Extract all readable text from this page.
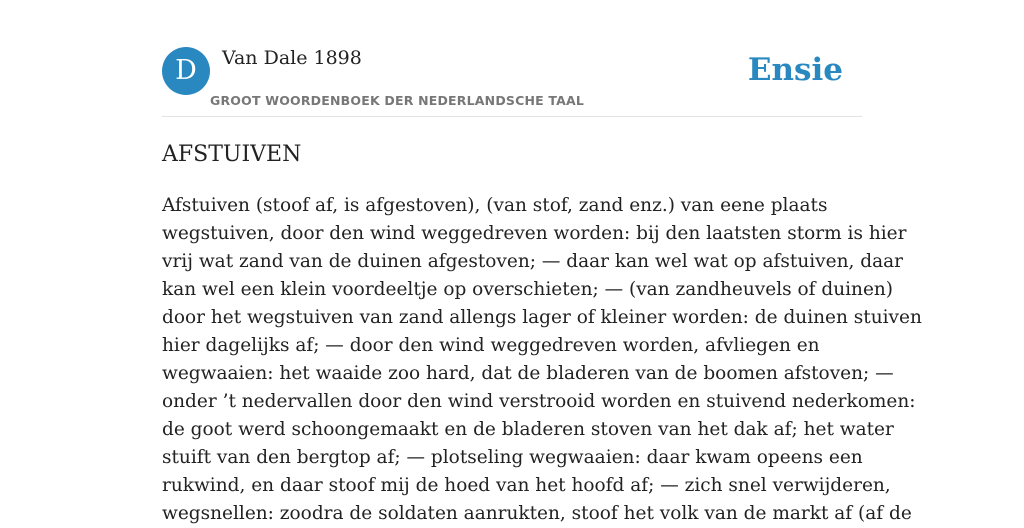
D	Van Dale 1898
GROOT WOORDENBOEK DER NEDERLANDSCHE TAAL
Ensie
AFSTUIVEN
Afstuiven (stoof af, is afgestoven), (van stof, zand enz.) van eene plaats
wegstuiven, door den wind weggedreven worden: bij den laatsten storm is hier
vrij wat zand van de duinen afgestoven; — daar kan wel wat op afstuiven, daar
kan wel een klein voordeeltje op overschieten; — (van zandheuvels of duinen)
door het wegstuiven van zand allengs lager of kleiner worden: de duinen stuiven
hier dagelijks af; — door den wind weggedreven worden, afvliegen en
wegwaaien: het waaide zoo hard, dat de bladeren van de boomen afstoven; —
onder ’t nedervallen door den wind verstrooid worden en stuivend nederkomen:
de goot werd schoongemaakt en de bladeren stoven van het dak af; het water
stuift van den bergtop af; — plotseling wegwaaien: daar kwam opeens een
rukwind, en daar stoof mij de hoed van het hoofd af; — zich snel verwijderen,
wegsnellen: zoodra de soldaten aanrukten, stoof het volk van de markt af (af de
